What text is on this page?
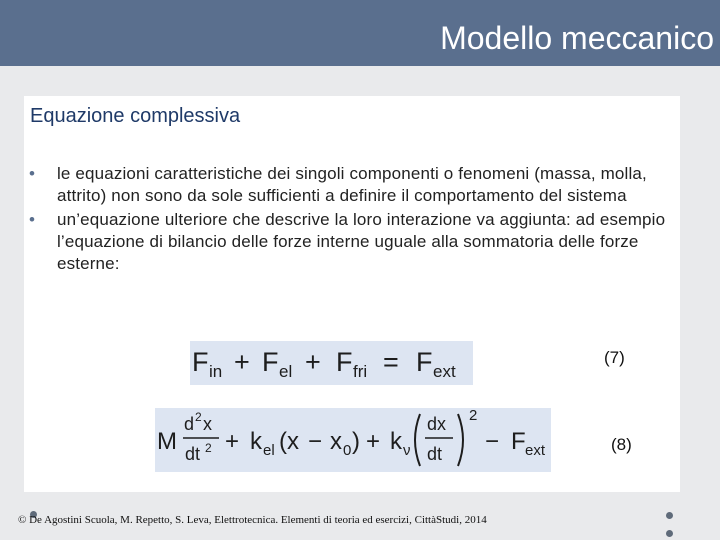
Modello meccanico
Equazione complessiva
• le equazioni caratteristiche dei singoli componenti o fenomeni (massa, molla, attrito) non sono da sole sufficienti a definire il comportamento del sistema
• un’equazione ulteriore che descrive la loro interazione va aggiunta: ad esempio l’equazione di bilancio delle forze interne uguale alla sommatoria delle forze esterne:
F in + F el + F fri = F ext
(7)
M
d 2 x
dt 2 + k el (x − x 0 ) + k ν
dx
dt
2
− F ext	(8)
© De Agostini Scuola, M. Repetto, S. Leva, Elettrotecnica. Elementi di teoria ed esercizi, CittàStudi, 2014
